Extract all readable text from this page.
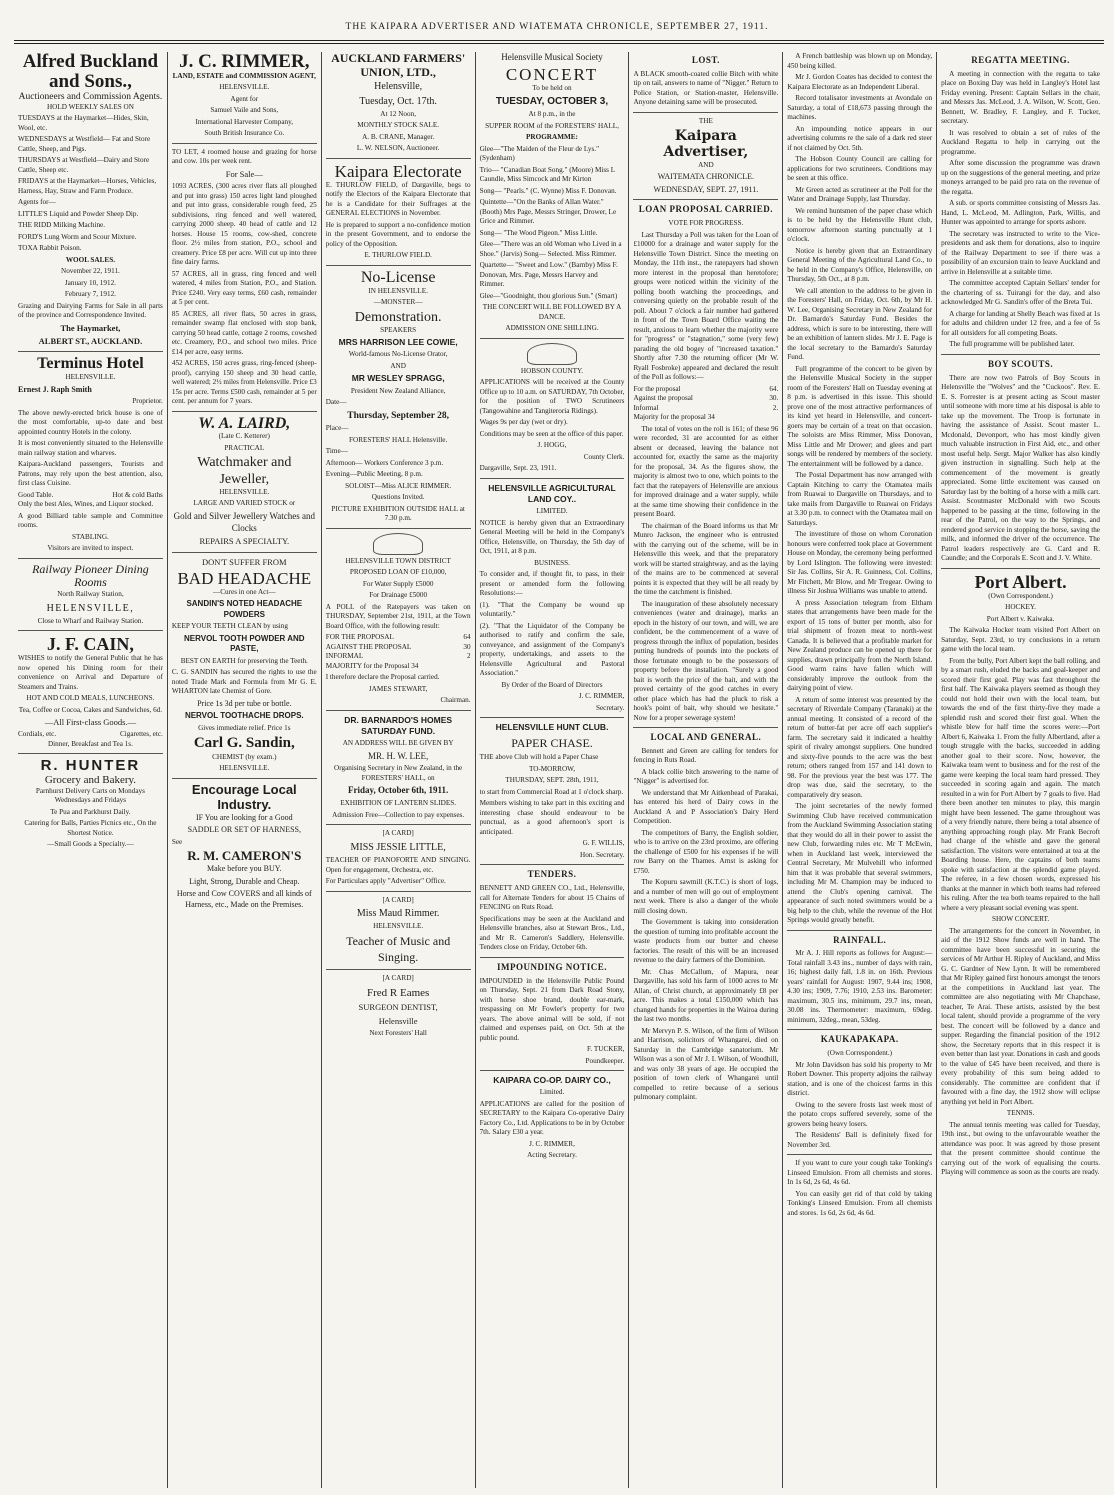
THE KAIPARA ADVERTISER AND WIATEMATA CHRONICLE, SEPTEMBER 27, 1911.
Alfred Buckland and Sons.,
Auctioneers and Commission Agents.

HOLD WEEKLY SALES ON

TUESDAYS at the Haymarket—Hides, Skin, Wool, etc.

WEDNESDAYS at Westfield— Fat and Store Cattle, Sheep, and Pigs.

THURSDAYS at Westfield—Dairy and Store Cattle, Sheep etc.

FRIDAYS at the Haymarket—Horses, Vehicles, Harness, Hay, Straw and Farm Produce.

Agents for—

LITTLE'S Liquid and Powder Sheep Dip.

THE RIDD Milking Machine.

FORD'S Lung Worm and Scour Mixture.

TOXA Rabbit Poison.

WOOL SALES.

November 22, 1911.

January 10, 1912.

February 7, 1912.

Grazing and Dairying Farms for Sale in all parts of the province and Correspondence Invited.

The Haymarket,

ALBERT ST., AUCKLAND.

Terminus Hotel

HELENSVILLE.

Ernest J. Raph Smith

Proprietor.

The above newly-erected brick house is one of the most comfortable, up-to date and best appointed country Hotels in the colony.

It is most conveniently situated to the Helensville main railway station and wharves.

Kaipara-Auckland passengers, Tourists and Patrons, may rely upon the best attention, also, first class Cuisine.

Good Table.	Hot & cold Baths

Only the best Ales, Wines, and Liquor stocked.

A good Billiard table sample and Committee rooms.

STABLING.

Visitors are invited to inspect.

Railway Pioneer Dining Rooms

North Railway Station,

HELENSVILLE,

Close to Wharf and Railway Station.

J. F. CAIN,

WISHES to notify the General Public that he has now opened his Dining room for their convenience on Arrival and Departure of Steamers and Trains.

HOT AND COLD MEALS, LUNCHEONS.

Tea, Coffee or Cocoa, Cakes and Sandwiches, 6d.

—All First-class Goods.—

Cordials, etc.	Cigarettes, etc.

Dinner, Breakfast and Tea 1s.

R. HUNTER
Grocery and Bakery.

Parnhurst Delivery Carts on Mondays Wednesdays and Fridays

Te Pua and Parkhurst Daily.

Catering for Balls, Parties Picnics etc., On the Shortest Notice.

—Small Goods a Specialty.—

J. C. RIMMER,

LAND, ESTATE and COMMISSION AGENT,

HELENSVILLE.

Agent for

Samuel Vaile and Sons,

International Harvester Company,

South British Insurance Co.

TO LET, 4 roomed house and grazing for horse and cow. 10s per week rent.

For Sale—

1093 ACRES, (300 acres river flats all ploughed and put into grass) 150 acres light land ploughed and put into grass, considerable rough feed, 25 subdivisions, ring fenced and well watered, carrying 2000 sheep. 40 head of cattle and 12 horses. House 15 rooms, cow-shed, concrete floor. 2½ miles from station, P.O., school and creamery. Price £8 per acre. Will cut up into three fine dairy farms.

57 ACRES, all in grass, ring fenced and well watered, 4 miles from Station, P.O., and Station. Price £240. Very easy terms, £60 cash, remainder at 5 per cent.

85 ACRES, all river flats, 50 acres in grass, remainder swamp flat enclosed with stop bank, carrying 50 head cattle, cottage 2 rooms, cowshed etc. Creamery, P.O., and school two miles. Price £14 per acre, easy terms.

452 ACRES, 150 acres grass, ring-fenced (sheep-proof), carrying 150 sheep and 30 head cattle, well watered; 2½ miles from Helensville. Price £3 15s per acre. Terms £500 cash, remainder at 5 per cent. per annum for 7 years.

W. A. LAIRD,

(Late C. Ketterer)

PRACTICAL

Watchmaker and Jeweller,

HELENSVILLE.

LARGE AND VARIED STOCK or

Gold and Silver Jewellery Watches and Clocks

REPAIRS A SPECIALTY.

DON'T SUFFER FROM

BAD HEADACHE

—Cures in one Act—

SANDIN'S NOTED HEADACHE POWDERS

KEEP YOUR TEETH CLEAN by using

NERVOL TOOTH POWDER AND PASTE,

BEST ON EARTH for preserving the Teeth.

C. G. SANDIN has secured the rights to use the noted Trade Mark and Formula from Mr G. E. WHARTON late Chemist of Gore.

Price 1s 3d per tube or bottle.

NERVOL TOOTHACHE DROPS.

Gives immediate relief. Price 1s

Carl G. Sandin,

CHEMIST (by exam.)

HELENSVILLE.

Encourage Local Industry.

IF You are looking for a Good

SADDLE OR SET OF HARNESS,

See

R. M. CAMERON'S

Make before you BUY.

Light, Strong, Durable and Cheap.

Horse and Cow COVERS and all kinds of Harness, etc., Made on the Premises.

AUCKLAND FARMERS' UNION, LTD.,

Helensville,

Tuesday, Oct. 17th.

At 12 Noon,

MONTHLY STOCK SALE.

A. B. CRANE, Manager.

L. W. NELSON, Auctioneer.

Kaipara Electorate

E. THURLOW FIELD, of Dargaville, begs to notify the Electors of the Kaipara Electorate that he is a Candidate for their Suffrages at the GENERAL ELECTIONS in November.

He is prepared to support a no-confidence motion in the present Government, and to endorse the policy of the Opposition.

E. THURLOW FIELD.

No-License

IN HELENSVILLE.

—MONSTER—

Demonstration.

SPEAKERS

MRS HARRISON LEE COWIE,

World-famous No-License Orator,

AND

MR WESLEY SPRAGG,

President New Zealand Alliance,

Date—

Thursday, September 28,

Place—

FORESTERS' HALL Helensville.

Time—

Afternoon— Workers Conference 3 p.m.

Evening—Public Meeting, 8 p.m.

SOLOIST—Miss ALICE RIMMER.

Questions Invited.

PICTURE EXHIBITION OUTSIDE HALL at 7.30 p.m.

HELENSVILLE TOWN DISTRICT

PROPOSED LOAN OF £10,000,

For Water Supply £5000

For Drainage £5000

A POLL of the Ratepayers was taken on THURSDAY, September 21st, 1911, at the Town Board Office, with the following result:

FOR THE PROPOSAL	64
AGAINST THE PROPOSAL	30
INFORMAL	2

MAJORITY for the Proposal 34

I therefore declare the Proposal carried.

JAMES STEWART,

Chairman.

DR. BARNARDO'S HOMES SATURDAY FUND.

AN ADDRESS WILL BE GIVEN BY

MR. H. W. LEE,

Organising Secretary in New Zealand, in the FORESTERS' HALL, on

Friday, October 6th, 1911.

EXHIBITION OF LANTERN SLIDES.

Admission Free—Collection to pay expenses.

[A CARD]

MISS JESSIE LITTLE,

TEACHER OF PIANOFORTE AND SINGING. Open for engagement, Orchestra, etc.

For Particulars apply "Advertiser" Office.

[A CARD]

Miss Maud Rimmer.

HELENSVILLE.

Teacher of Music and Singing.

[A CARD]

Fred R Eames

SURGEON DENTIST,

Helensville

Next Foresters' Hall

Helensville Musical Society

CONCERT

To be held on

TUESDAY, OCTOBER 3,

At 8 p.m., in the

SUPPER ROOM of the FORESTERS' HALL,

PROGRAMME:

Glee—"The Maiden of the Fleur de Lys." (Sydenham)

Trio— "Canadian Boat Song." (Moore) Miss L Caundle, Miss Simcock and Mr Kirton

Song— "Pearls." (C. Wynne) Miss F. Donovan.

Quintette—"On the Banks of Allan Water." (Booth) Mrs Page, Messrs Stringer, Drower, Le Grice and Rimmer.

Song— "The Wood Pigeon." Miss Little.

Glee—"There was an old Woman who Lived in a Shoe." (Jarvis) Song— Selected. Miss Rimmer.

Quartette— "Sweet and Low." (Barnby) Miss F. Donovan, Mrs. Page, Messrs Harvey and Rimmer.

Glee—"Goodnight, thou glorious Sun." (Smart)

THE CONCERT WILL BE FOLLOWED BY A DANCE.

ADMISSION ONE SHILLING.

HOBSON COUNTY.

APPLICATIONS will be received at the County Office up to 10 a.m. on SATURDAY, 7th October, for the position of TWO Scrutineers (Tangowahine and Tangiteroria Ridings).

Wages 9s per day (wet or dry).

Conditions may be seen at the office of this paper.

J. HOGG,

County Clerk.

Dargaville, Sept. 23, 1911.

HELENSVILLE AGRICULTURAL LAND COY..

LIMITED.

NOTICE is hereby given that an Extraordinary General Meeting will be held in the Company's Office, Helensville, on Thursday, the 5th day of Oct, 1911, at 8 p.m.

BUSINESS.

To consider and, if thought fit, to pass, in their present or amended form the following Resolutions:—

(1). "That the Company be wound up voluntarily."

(2). "That the Liquidator of the Company be authorised to ratify and confirm the sale, conveyance, and assignment of the Company's property, undertakings, and assets to the Helensville Agricultural and Pastoral Association."

By Order of the Board of Directors

J. C. RIMMER,

Secretary.

HELENSVILLE HUNT CLUB.

PAPER CHASE.

THE above Club will hold a Paper Chase

TO-MORROW,

THURSDAY, SEPT. 28th, 1911,

to start from Commercial Road at 1 o'clock sharp.

Members wishing to take part in this exciting and interesting chase should endeavour to be punctual, as a good afternoon's sport is anticipated.

G. F. WILLIS,

Hon. Secretary.

TENDERS.

BENNETT AND GREEN CO., Ltd., Helensville, call for Alternate Tenders for about 15 Chains of FENCING on Ruts Road.

Specifications may be seen at the Auckland and Helensville branches, also at Stewart Bros., Ltd., and Mr R. Cameron's Saddlery, Helensville. Tenders close on Friday, October 6th.

IMPOUNDING NOTICE.

IMPOUNDED in the Helensville Public Pound on Thursday, Sept. 21 from Dark Road Stony, with horse shoe brand, double ear-mark, trespassing on Mr Fowler's property for two years. The above animal will be sold, if not claimed and expenses paid, on Oct. 5th at the public pound.

F. TUCKER,

Poundkeeper.

KAIPARA CO-OP. DAIRY CO.,

Limited.

APPLICATIONS are called for the position of SECRETARY to the Kaipara Co-operative Dairy Factory Co., Ltd. Applications to be in by October 7th. Salary £30 a year.

J. C. RIMMER,

Acting Secretary.

LOST.

A BLACK smooth-coated collie Bitch with white tip on tail, answers to name of "Nigger." Return to Police Station, or Station-master, Helensville. Anyone detaining same will be prosecuted.

THE

Kaipara Advertiser,

AND

WAITEMATA CHRONICLE.

WEDNESDAY, SEPT. 27, 1911.

LOAN PROPOSAL CARRIED.

VOTE FOR PROGRESS.

Last Thursday a Poll was taken for the Loan of £10000 for a drainage and water supply for the Helensville Town District. Since the meeting on Monday, the 11th inst., the ratepayers had shown more interest in the proposal than heretofore; groups were noticed within the vicinity of the polling booth watching the proceedings, and conversing quietly on the probable result of the poll. About 7 o'clock a fair number had gathered in front of the Town Board Office waiting the result, anxious to learn whether the majority were for "progress" or "stagnation," some (very few) parading the old bogey of "increased taxation." Shortly after 7.30 the returning officer (Mr W. Ryall Fosbroke) appeared and declared the result of the Poll as follows:—

For the proposal	64.
Against the proposal	30.
Informal	2.

Majority for the proposal 34

The total of votes on the roll is 161; of these 96 were recorded, 31 are accounted for as either absent or deceased, leaving the balance not accounted for, exactly the same as the majority for the proposal, 34. As the figures show, the majority is almost two to one, which points to the fact that the ratepayers of Helensville are anxious for improved drainage and a water supply, while at the same time showing their confidence in the present Board.

The chairman of the Board informs us that Mr Munro Jackson, the engineer who is entrusted with the carrying out of the scheme, will be in Helensville this week, and that the preparatory work will be started straightway, and as the laying of the mains are to be commenced at several points it is expected that they will be all ready by the time the catchment is finished.

The inauguration of these absolutely necessary conveniences (water and drainage), marks an epoch in the history of our town, and will, we are confident, be the commencement of a wave of progress through the influx of population, besides putting hundreds of pounds into the pockets of those fortunate enough to be the possessors of property before the installation. "Surely a good bait is worth the price of the bait, and with the proved certainty of the good catches in every other place which has had the pluck to risk a hook's point of bait, why should we hesitate." Now for a proper sewerage system!

LOCAL AND GENERAL.

Bennett and Green are calling for tenders for fencing in Ruts Road.

A black collie bitch answering to the name of "Nigger" is advertised for.

We understand that Mr Aitkenhead of Parakai, has entered his herd of Dairy cows in the Auckland A and P Association's Dairy Herd Competition.

The competitors of Barry, the English soldier, who is to arrive on the 23rd proximo, are offering the challenge of £500 for his expenses if he will row Barry on the Thames. Arnst is asking for £750.

The Kopuru sawmill (K.T.C.) is short of logs, and a number of men will go out of employment next week. There is also a danger of the whole mill closing down.

The Government is taking into consideration the question of turning into profitable account the waste products from our butter and cheese factories. The result of this will be an increased revenue to the dairy farmers of the Dominion.

Mr. Chas McCallum, of Mapura, near Dargaville, has sold his farm of 1000 acres to Mr Allan, of Christ church, at approximately £8 per acre. This makes a total £150,000 which has changed hands for properties in the Wairoa during the last two months.

Mr Mervyn P. S. Wilson, of the firm of Wilson and Harrison, solicitors of Whangarei, died on Saturday in the Cambridge sanatorium. Mr Wilson was a son of Mr J. I. Wilson, of Woodhill, and was only 38 years of age. He occupied the position of town clerk of Whangarei until compelled to retire because of a serious pulmonary complaint.

A French battleship was blown up on Monday, 450 being killed.

Mr J. Gordon Coates has decided to contest the Kaipara Electorate as an Independent Liberal.

Record totalisator investments at Avondale on Saturday, a total of £18,673 passing through the machines.

An impounding notice appears in our advertising columns re the sale of a dark red steer if not claimed by Oct. 5th.

The Hobson County Council are calling for applications for two scrutineers. Conditions may be seen at this office.

Mr Green acted as scrutineer at the Poll for the Water and Drainage Supply, last Thursday.

We remind huntsmen of the paper chase which is to be held by the Helensville Hunt club, tomorrow afternoon starting punctually at 1 o'clock.

Notice is hereby given that an Extraordinary General Meeting of the Agricultural Land Co., to be held in the Company's Office, Helensville, on Thursday, 5th Oct., at 8 p.m.

We call attention to the address to be given in the Foresters' Hall, on Friday, Oct. 6th, by Mr H. W. Lee, Organising Secretary in New Zealand for Dr. Barnardo's Saturday Fund. Besides the address, which is sure to be interesting, there will be an exhibition of lantern slides. Mr J. E. Page is the local secretary to the Barnardo's Saturday Fund.

Full programme of the concert to be given by the Helensville Musical Society in the supper room of the Foresters' Hall on Tuesday evening at 8 p.m. is advertised in this issue. This should prove one of the most attractive performances of its kind yet heard in Helensville, and concert-goers may be certain of a treat on that occasion. The soloists are Miss Rimmer, Miss Donovan, Miss Little and Mr Drower; and glees and part songs will be rendered by members of the society. The entertainment will be followed by a dance.

The Postal Department has now arranged with Captain Kitching to carry the Otamatea mails from Ruawai to Dargaville on Thursdays, and to take mails from Dargaville to Ruawai on Fridays at 3.30 p.m. to connect with the Otamatea mail on Saturdays.

The investiture of those on whom Coronation honours were conferred took place at Government House on Monday, the ceremony being performed by Lord Islington. The following were invested: Sir Jas. Collins, Sir A. R. Guinness, Col. Collins, Mr Fitchett, Mr Blow, and Mr Tregear. Owing to illness Sir Joshua Williams was unable to attend.

A press Association telegram from Eltham states that arrangements have been made for the export of 15 tons of butter per month, also for trial shipment of frozen meat to north-west Canada. It is believed that a profitable market for New Zealand produce can be opened up there for supplies, drawn principally from the North Island. Good warm rains have fallen which will considerably improve the outlook from the dairying point of view.

A return of some interest was presented by the secretary of Riverdale Company (Taranaki) at the annual meeting. It consisted of a record of the return of butter-fat per acre off each supplier's farm. The secretary said it indicated a healthy spirit of rivalry amongst suppliers. One hundred and sixty-five pounds to the acre was the best return; others ranged from 157 and 141 down to 98. For the previous year the best was 177. The drop was due, said the secretary, to the comparatively dry season.

The joint secretaries of the newly formed Swimming Club have received communication from the Auckland Swimming Association stating that they would do all in their power to assist the new Club, forwarding rules etc. Mr T McEwin, when in Auckland last week, interviewed the Central Secretary, Mr Mulvehill who informed him that it was probable that several swimmers, including Mr M. Champion may be induced to attend the Club's opening carnival. The appearance of such noted swimmers would be a big help to the club, while the revenue of the Hot Springs would greatly benefit.

RAINFALL.

Mr A. J. Hill reports as follows for August:— Total rainfall 3.43 ins., number of days with rain, 16; highest daily fall, 1.8 in. on 16th. Previous years' rainfall for August: 1907, 9.44 ins; 1908, 4.30 ins; 1909, 7.76; 1910, 2.53 ins. Barometer: maximum, 30.5 ins, minimum, 29.7 ins, mean, 30.08 ins. Thermometer: maximum, 69deg. minimum, 32deg., mean, 53deg.

KAUKAPAKAPA.

(Own Correspondent.)

Mr John Davidson has sold his property to Mr Robert Downer. This property adjoins the railway station, and is one of the choicest farms in this district.

Owing to the severe frosts last week most of the potato crops suffered severely, some of the growers being heavy losers.

The Residents' Ball is definitely fixed for November 3rd.

If you want to cure your cough take Tonking's Linseed Emulsion. From all chemists and stores. In 1s 6d, 2s 6d, 4s 6d.

You can easily get rid of that cold by taking Tonking's Linseed Emulsion. From all chemists and stores. 1s 6d, 2s 6d, 4s 6d.

REGATTA MEETING.

A meeting in connection with the regatta to take place on Boxing Day was held in Langley's Hotel last Friday evening. Present: Captain Sellars in the chair, and Messrs Jas. McLeod, J. A. Wilson, W. Scott, Geo. Bennett, W. Bradley, F. Langley, and F. Tucker, secretary.

It was resolved to obtain a set of rules of the Auckland Regatta to help in carrying out the programme.

After some discussion the programme was drawn up on the suggestions of the general meeting, and prize moneys arranged to be paid pro rata on the revenue of the regatta.

A sub. or sports committee consisting of Messrs Jas. Hand, L. McLeod, M. Adlington, Park, Willis, and Hunter was appointed to arrange for sports ashore.

The secretary was instructed to write to the Vice-presidents and ask them for donations, also to inquire of the Railway Department to see if there was a possibility of an excursion train to leave Auckland and arrive in Helensville at a suitable time.

The committee accepted Captain Sellars' tender for the chartering of ss. Tuirangi for the day, and also acknowledged Mr G. Sandin's offer of the Breta Tui.

A charge for landing at Shelly Beach was fixed at 1s for adults and children under 12 free, and a fee of 5s for all outsiders for all competing Boats.

The full programme will be published later.

BOY SCOUTS.

There are now two Patrols of Boy Scouts in Helensville the "Wolves" and the "Cuckoos". Rev. E. E. S. Forrester is at present acting as Scout master until someone with more time at his disposal is able to take up the movement. The Troop is fortunate in having the assistance of Assist. Scout master L. Mcdonald, Devonport, who has most kindly given much valuable instruction in First Aid, etc., and other most useful help. Sergt. Major Walker has also kindly given instruction in signalling. Such help at the commencement of the movement is greatly appreciated. Some little excitement was caused on Saturday last by the bolting of a horse with a milk cart. Assist. Scoutmaster McDonald with two Scouts happened to be passing at the time, following in the rear of the Patrol, on the way to the Springs, and rendered good service in stopping the horse, saving the milk, and informed the driver of the occurrence. The Patrol leaders respectively are G. Card and R. Caundle; and the Corporals E. Scott and J. V. White.

Port Albert.

(Own Correspondent.)

HOCKEY.

Port Albert v. Kaiwaka.

The Kaiwaka Hocker team visited Port Albert on Saturday, Sept. 23rd, to try conclusions in a return game with the local team.

From the bully, Port Albert kept the ball rolling, and by a smart rush, eluded the backs and goal-keeper and scored their first goal. Play was fast throughout the first half. The Kaiwaka players seemed as though they could not hold their own with the local team, but towards the end of the first thirty-five they made a splendid rush and scored their first goal. When the whistle blew for half time the scores were:—Port Albert 6, Kaiwaka 1. From the fully Albertland, after a tough struggle with the backs, succeeded in adding another goal to their score. Now, however, the Kaiwaka team went to business and for the rest of the game were keeping the local team hard pressed. They succeeded in scoring again and again. The match resulted in a win for Port Albert by 7 goals to five. Had there been another ten minutes to play, this margin might have been lessened. The game throughout was of a very friendly nature, there being a total absence of anything approaching rough play. Mr Frank Becroft had charge of the whistle and gave the general satisfaction. The visitors were entertained at tea at the Boarding house. Here, the captains of both teams spoke with satisfaction at the splendid game played. The referee, in a few chosen words, expressed his thanks at the manner in which both teams had refereed his ruling. After the tea both teams repaired to the hall where a very pleasant social evening was spent.

SHOW CONCERT.

The arrangements for the concert in November, in aid of the 1912 Show funds are well in hand. The committee have been successful in securing the services of Mr Arthur H. Ripley of Auckland, and Miss G. C. Gardner of New Lynn. It will be remembered that Mr Ripley gained first honours amongst the tenors at the competitions in Auckland last year. The committee are also negotiating with Mr Chapchase, teacher, Te Arai. These artists, assisted by the best local talent, should provide a programme of the very best. The concert will be followed by a dance and supper. Regarding the financial position of the 1912 show, the Secretary reports that in this respect it is even better than last year. Donations in cash and goods to the value of £45 have been received, and there is every probability of this sum being added to considerably. The committee are confident that if favoured with a fine day, the 1912 show will eclipse anything yet held in Port Albert.

TENNIS.

The annual tennis meeting was called for Tuesday, 19th inst., but owing to the unfavourable weather the attendance was poor. It was agreed by those present that the present committee should continue the carrying out of the work of equalising the courts. Playing will commence as soon as the courts are ready.
